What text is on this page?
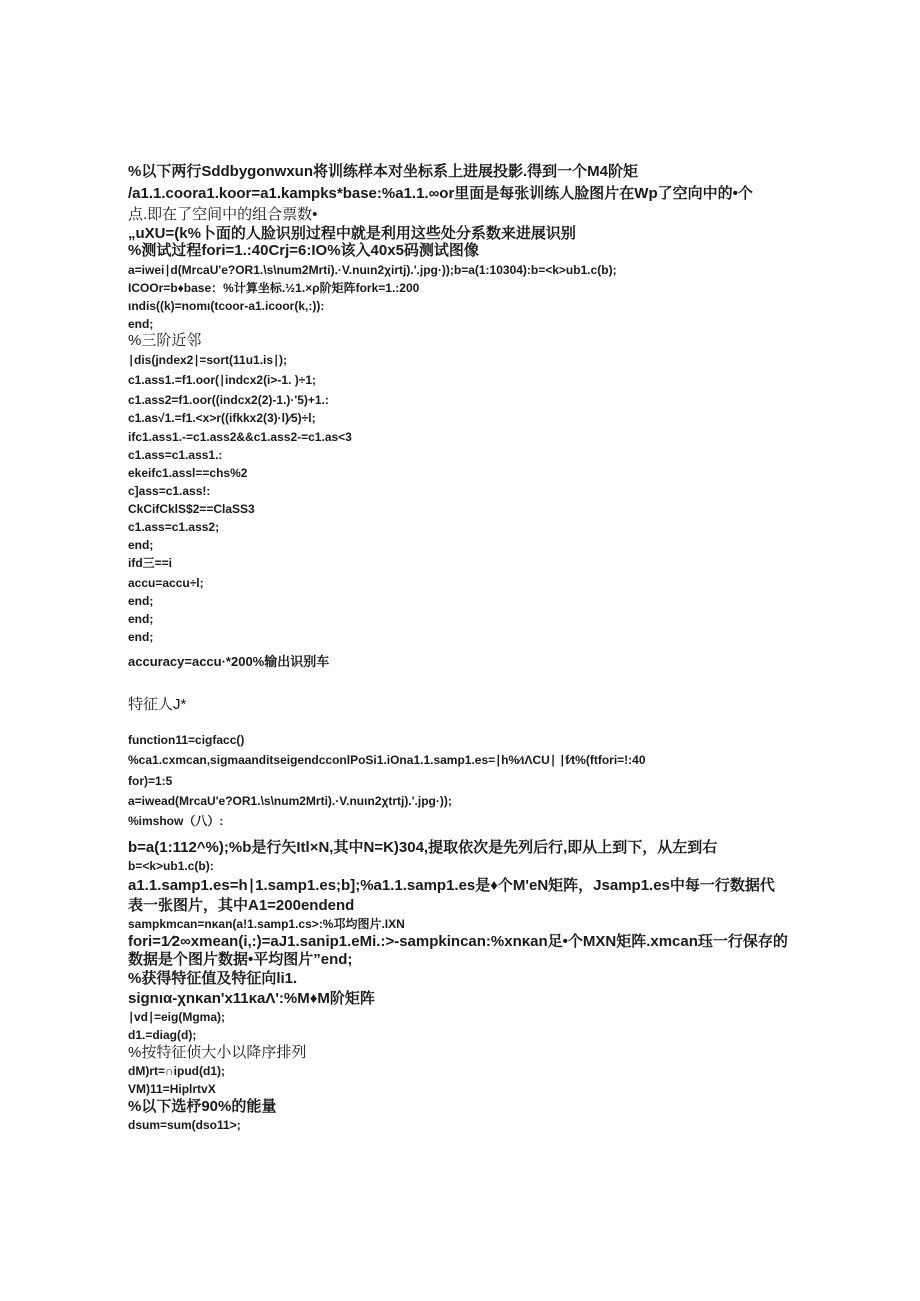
%以下两行Sddbygonwxun将训练样本对坐标系上进展投影.得到一个M4阶矩
/a1.1.coora1.koor=a1.kampks*base:%a1.1.∞or里面是每张训练人脸图片在Wp了空向中的•个
点.即在了空间中的组合票数•
„uXU=(k%卜面的人脸识别过程中就是利用这些处分系数来进展识别
%测试过程fori=1.:40Crj=6:IO%该入40x5码测试图像
a=iwei∣d(MrcaU'e?OR1.\s\num2Mrti).·V.nuιn2χirtj).'.jpg·));b=a(1:10304):b=<k>ub1.c(b);
ICOOr=b♦base：%计算坐标.½1.×ρ阶矩阵fork=1.:200
ιndis((k)=nomι(tcoor-a1.icoor(k,:)):
end;
%三阶近邻
∣dis(jndex2∣=sort(11u1.is∣);
c1.ass1.=f1.oor(∣indcx2(i>-1. )÷1;
c1.ass2=f1.oor((indcx2(2)-1.)·'5)+1.:
c1.as√1.=f1.<x>r((ifkkx2(3)·l)∕5)÷l;
ifc1.ass1.-=c1.ass2&&c1.ass2-=c1.as<3
c1.ass=c1.ass1.:
ekeifc1.assl==chs%2
c]ass=c1.ass!:
CkCifCklS$2==ClaSS3
c1.ass=c1.ass2;
end;
ifd三==i
accu=accu÷l;
end;
end;
end;
accuracy=accu·*200%输出识别车
特征人J*
function11=cigfacc()
%ca1.cxmcan,sigmaanditseigendcconlPoSi1.iOna1.1.samp1.es=∣h%∕ιΛCU∣ ∣f∕t%(ftfori=!:40
for)=1:5
a=iwead(MrcaU'e?OR1.\s\num2Mrti).·V.nuιn2χtrtj).'.jpg·));
%imshow（八）:
b=a(1:112^%);%b是行矢Itl×N,其中N=K)304,提取依次是先列后行,即从上到下，从左到右
b=<k>ub1.c(b):
a1.1.samp1.es=h∣1.samp1.es;b];%a1.1.samp1.es是♦个M'eN矩阵，Jsamp1.es中每一行数据代
表一张图片，其中A1=200endend
sampkmcan=nκan(a!1.samp1.cs>:%邛均图片.IXN
fori=1∕2∞xmean(i,:)=aJ1.sanip1.eMi.:>-sampkincan:%xnκan足•个MXN矩阵.xmcan珏一行保存的
数据是个图片数据•平均图片”end;
%获得特征值及特征向li1.
signια-χnκan'x11κaΛ':%M♦M阶矩阵
∣vd∣=eig(Mgma);
d1.=diag(d);
%按特征侦大小以降序排列
dM)rt=∩ipud(d1);
VM)11=HiplrtvX
%以下选杼90%的能量
dsum=sum(dso11>;
